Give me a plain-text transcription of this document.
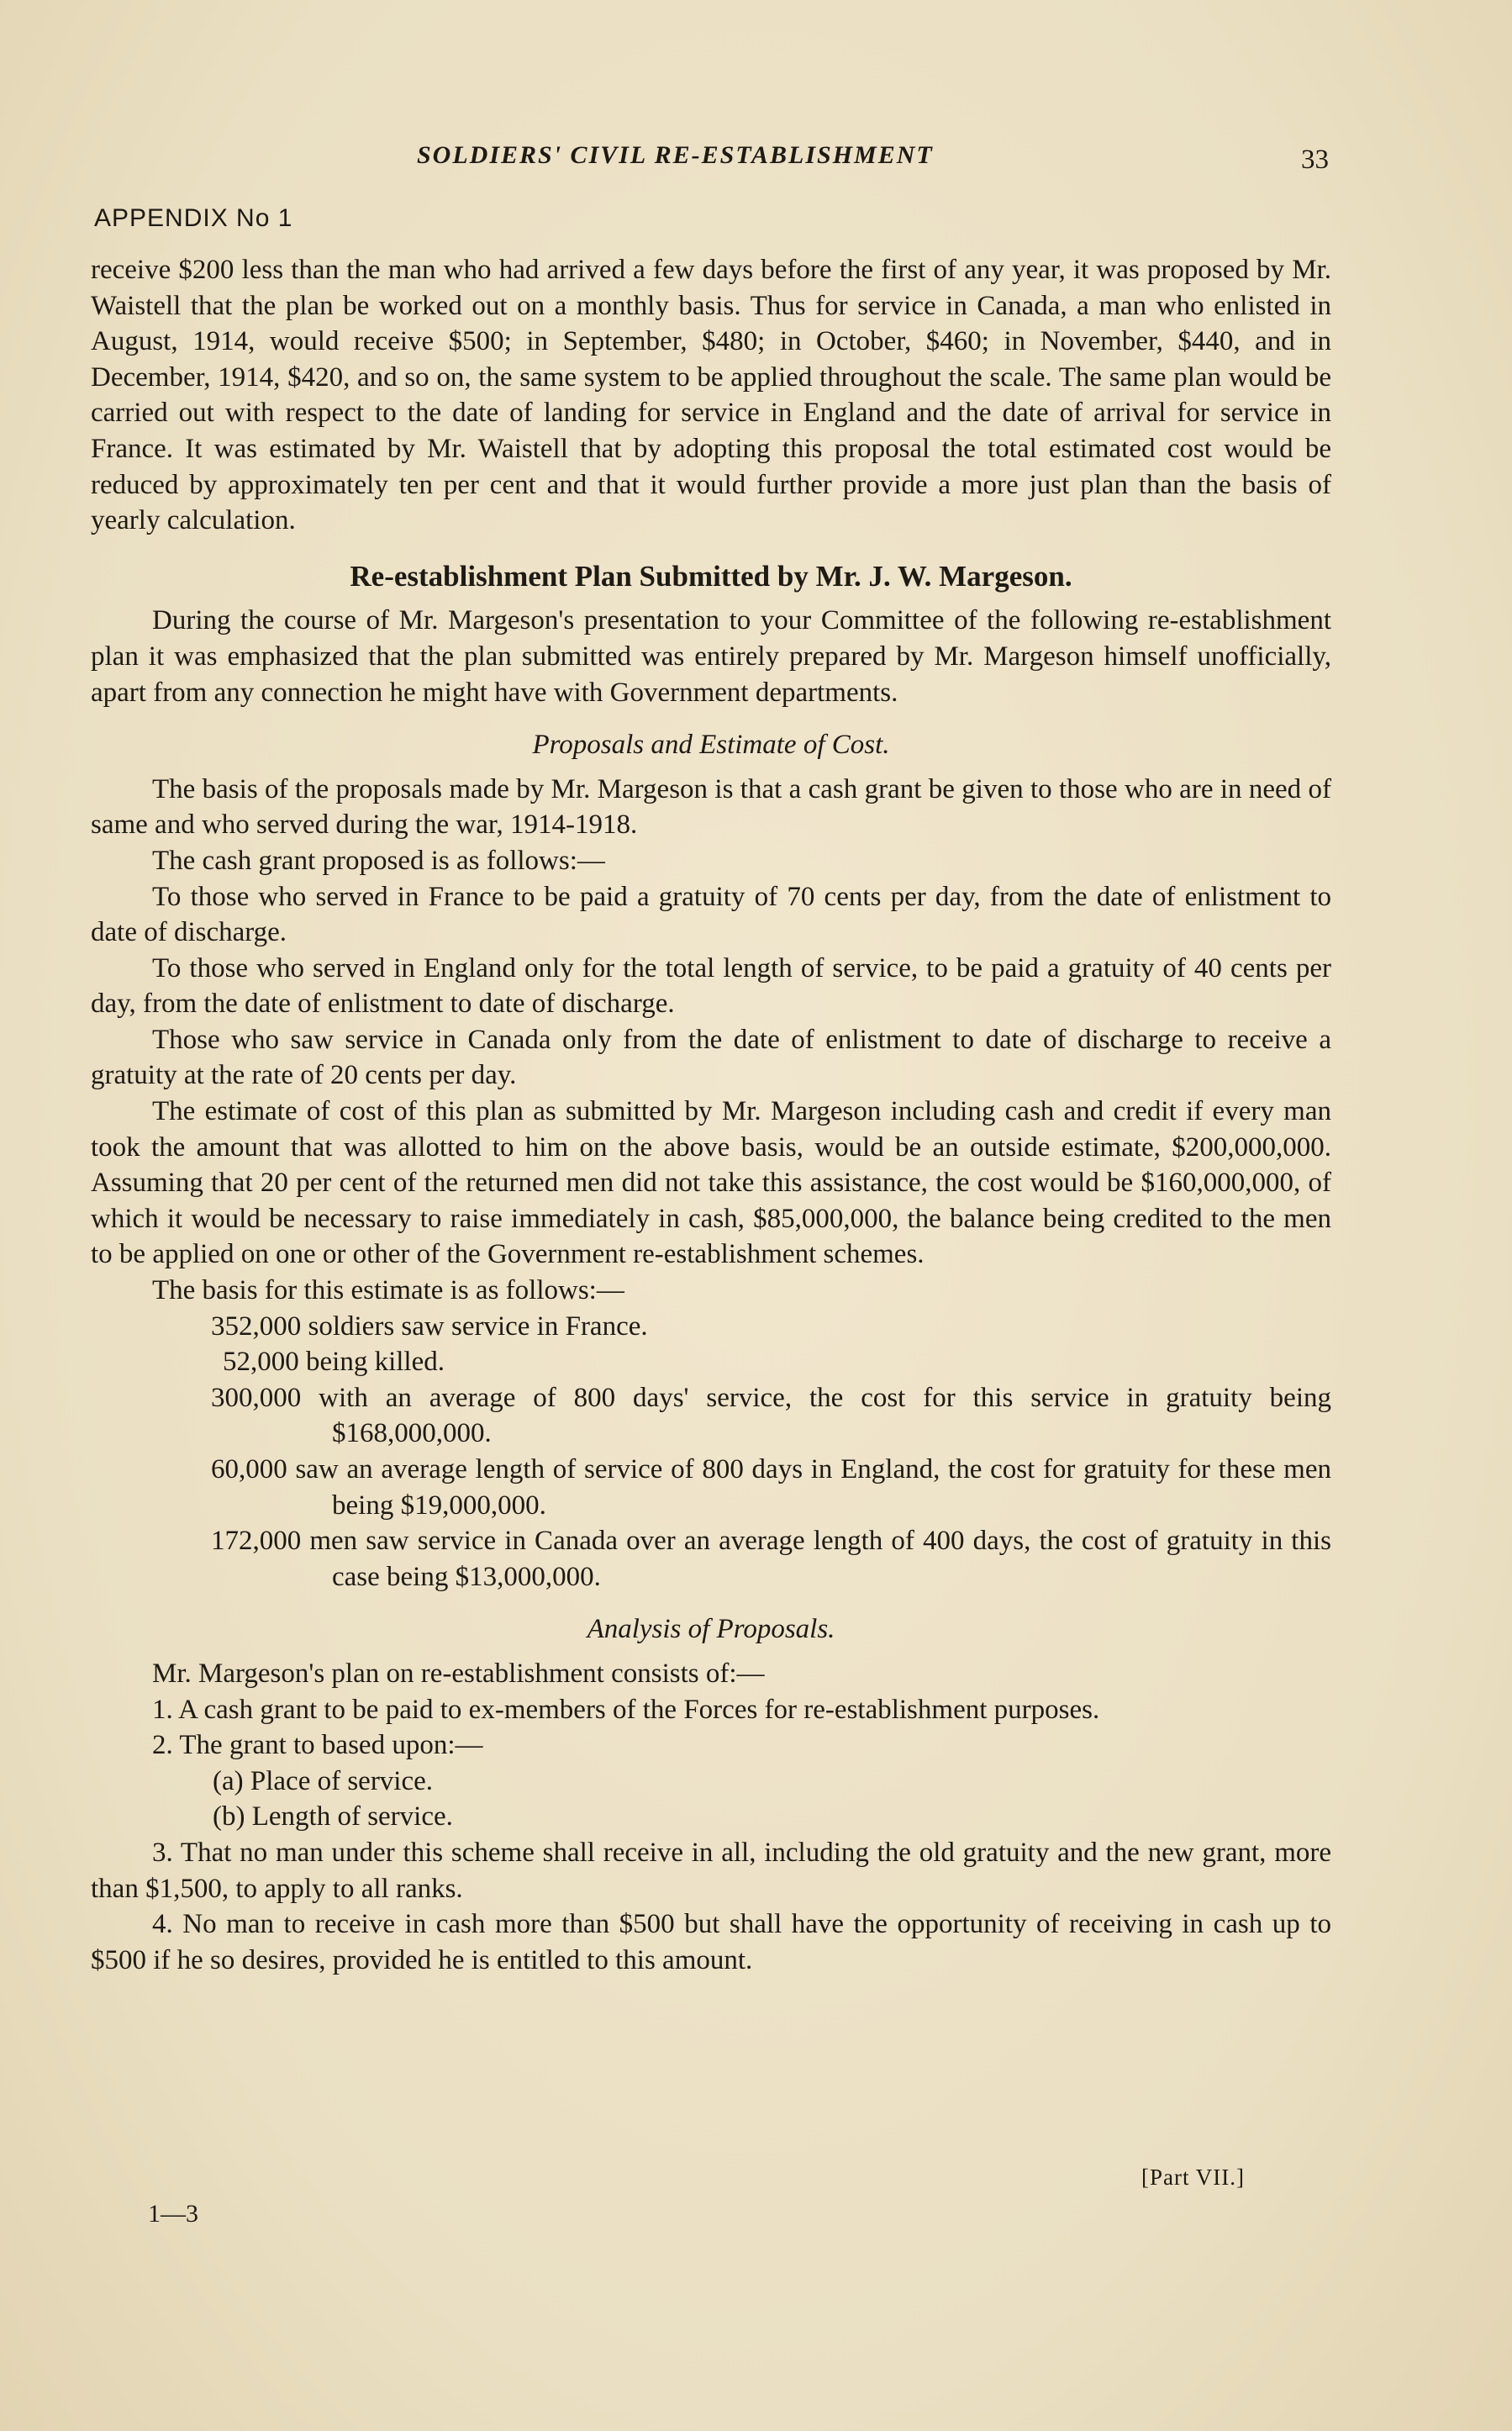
SOLDIERS' CIVIL RE-ESTABLISHMENT	33
APPENDIX No 1

receive $200 less than the man who had arrived a few days before the first of any year, it was proposed by Mr. Waistell that the plan be worked out on a monthly basis. Thus for service in Canada, a man who enlisted in August, 1914, would receive $500; in September, $480; in October, $460; in November, $440, and in December, 1914, $420, and so on, the same system to be applied throughout the scale. The same plan would be carried out with respect to the date of landing for service in England and the date of arrival for service in France. It was estimated by Mr. Waistell that by adopting this proposal the total estimated cost would be reduced by approximately ten per cent and that it would further provide a more just plan than the basis of yearly calculation.

Re-establishment Plan Submitted by Mr. J. W. Margeson.

During the course of Mr. Margeson's presentation to your Committee of the following re-establishment plan it was emphasized that the plan submitted was entirely prepared by Mr. Margeson himself unofficially, apart from any connection he might have with Government departments.

Proposals and Estimate of Cost.

The basis of the proposals made by Mr. Margeson is that a cash grant be given to those who are in need of same and who served during the war, 1914-1918.

The cash grant proposed is as follows:—

To those who served in France to be paid a gratuity of 70 cents per day, from the date of enlistment to date of discharge.

To those who served in England only for the total length of service, to be paid a gratuity of 40 cents per day, from the date of enlistment to date of discharge.

Those who saw service in Canada only from the date of enlistment to date of discharge to receive a gratuity at the rate of 20 cents per day.

The estimate of cost of this plan as submitted by Mr. Margeson including cash and credit if every man took the amount that was allotted to him on the above basis, would be an outside estimate, $200,000,000. Assuming that 20 per cent of the returned men did not take this assistance, the cost would be $160,000,000, of which it would be necessary to raise immediately in cash, $85,000,000, the balance being credited to the men to be applied on one or other of the Government re-establishment schemes.

The basis for this estimate is as follows:—

352,000 soldiers saw service in France.

52,000 being killed.

300,000 with an average of 800 days' service, the cost for this service in gratuity being $168,000,000.

60,000 saw an average length of service of 800 days in England, the cost for gratuity for these men being $19,000,000.

172,000 men saw service in Canada over an average length of 400 days, the cost of gratuity in this case being $13,000,000.

Analysis of Proposals.

Mr. Margeson's plan on re-establishment consists of:—

1. A cash grant to be paid to ex-members of the Forces for re-establishment purposes.

2. The grant to based upon:—

(a) Place of service.

(b) Length of service.

3. That no man under this scheme shall receive in all, including the old gratuity and the new grant, more than $1,500, to apply to all ranks.

4. No man to receive in cash more than $500 but shall have the opportunity of receiving in cash up to $500 if he so desires, provided he is entitled to this amount.

[Part VII.]
1—3
